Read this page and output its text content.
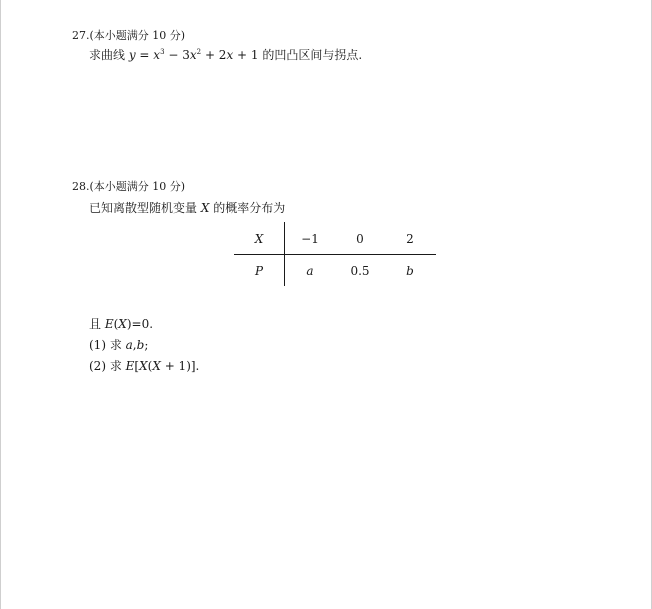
27.(本小题满分 10 分)
求曲线 $y = x^3 - 3x^2 + 2x + 1$ 的凹凸区间与拐点.
28.(本小题满分 10 分)
已知离散型随机变量 X 的概率分布为
X	−1	0	2
P	a	0.5	b
且 E(X)=0.
(1) 求 a,b;
(2) 求 E[X(X + 1)].
